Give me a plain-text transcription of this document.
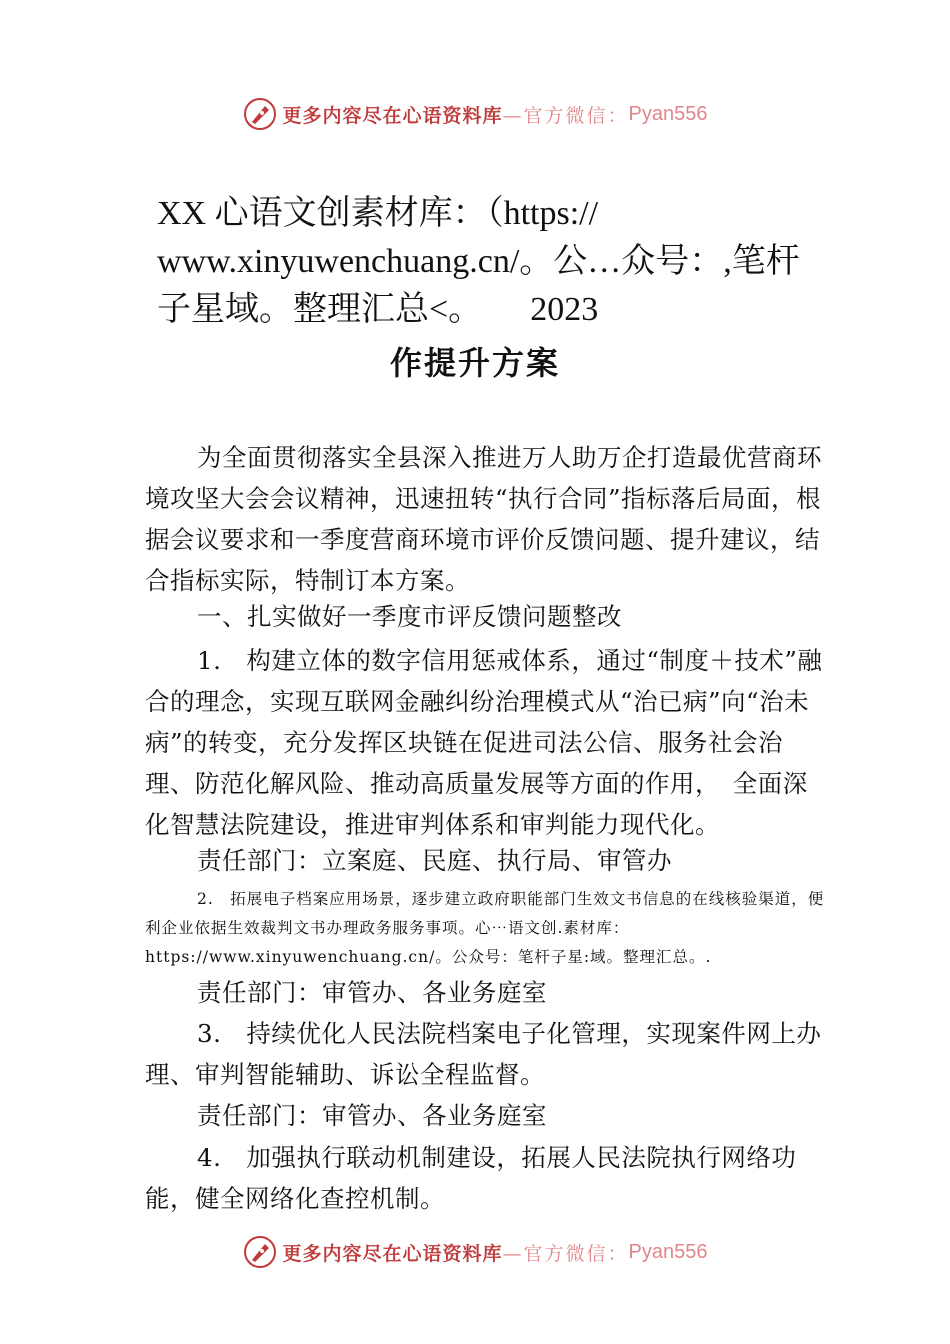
更多内容尽在心语资料库 —官方微信： Pyan556
XX 心语文创素材库：（https://
www.xinyuwenchuang.cn/。公…众号：,笔杆
子星域。整理汇总<。 2023
作提升方案
为全面贯彻落实全县深入推进万人助万企打造最优营商环境攻坚大会会议精神，迅速扭转“执行合同”指标落后局面，根据会议要求和一季度营商环境市评价反馈问题、提升建议，结合指标实际，特制订本方案。
一、扎实做好一季度市评反馈问题整改
1.　构建立体的数字信用惩戒体系，通过“制度＋技术”融合的理念，实现互联网金融纠纷治理模式从“治已病”向“治未病”的转变，充分发挥区块链在促进司法公信、服务社会治理、防范化解风险、推动高质量发展等方面的作用，　全面深化智慧法院建设，推进审判体系和审判能力现代化。
责任部门：立案庭、民庭、执行局、审管办
2.　拓展电子档案应用场景，逐步建立政府职能部门生效文书信息的在线核验渠道，便利企业依据生效裁判文书办理政务服务事项。心⋯语文创.素材库：https://www.xinyuwenchuang.cn/。公众号：笔杆子星:域。整理汇总。.
责任部门：审管办、各业务庭室
3.　持续优化人民法院档案电子化管理，实现案件网上办理、审判智能辅助、诉讼全程监督。
责任部门：审管办、各业务庭室
4.　加强执行联动机制建设，拓展人民法院执行网络功能，健全网络化查控机制。
更多内容尽在心语资料库 —官方微信： Pyan556
